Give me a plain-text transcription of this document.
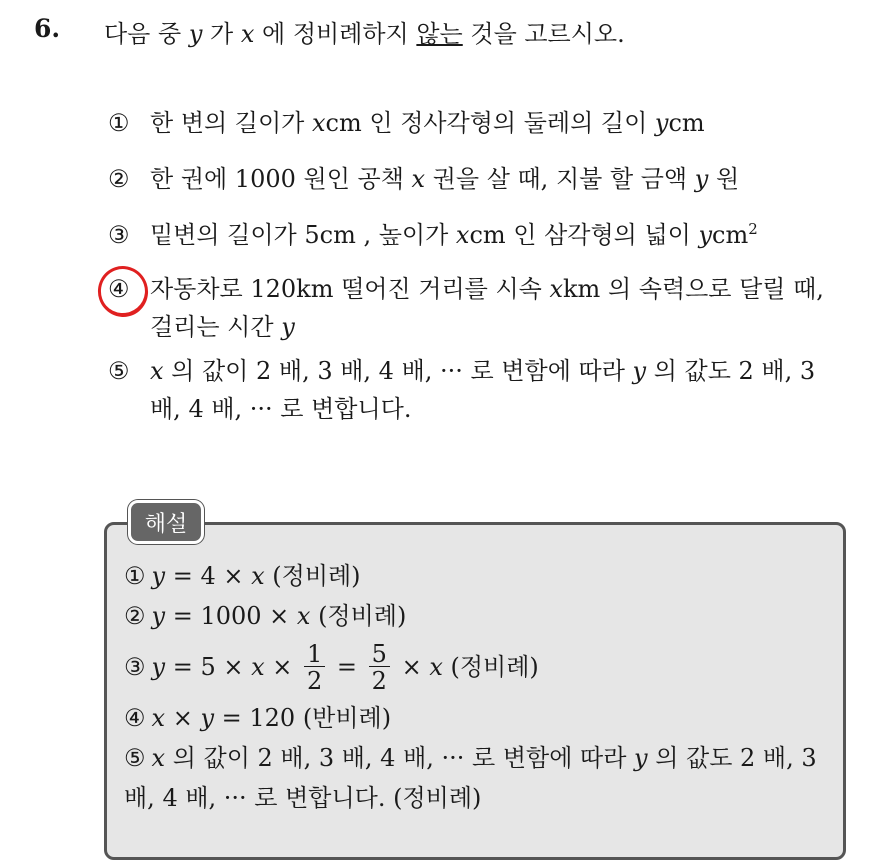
6. 다음 중 y 가 x 에 정비례하지 않는 것을 고르시오.
① 한 변의 길이가 xcm 인 정사각형의 둘레의 길이 ycm
② 한 권에 1000 원인 공책 x 권을 살 때, 지불 할 금액 y 원
③ 밑변의 길이가 5cm , 높이가 xcm 인 삼각형의 넓이 ycm$^2$
④ 자동차로 120km 떨어진 거리를 시속 xkm 의 속력으로 달릴 때, 걸리는 시간 y
⑤ x 의 값이 2 배, 3 배, 4 배, ··· 로 변함에 따라 y 의 값도 2 배, 3 배, 4 배, ··· 로 변합니다.
해설
① y = 4 × x (정비례)
② y = 1000 × x (정비례)
③ $y = 5 \times x \times \frac{1}{2} = \frac{5}{2} \times x$ (정비례)
④ x × y = 120 (반비례)
⑤ x 의 값이 2 배, 3 배, 4 배, ··· 로 변함에 따라 y 의 값도 2 배, 3 배, 4 배, ··· 로 변합니다. (정비례)
